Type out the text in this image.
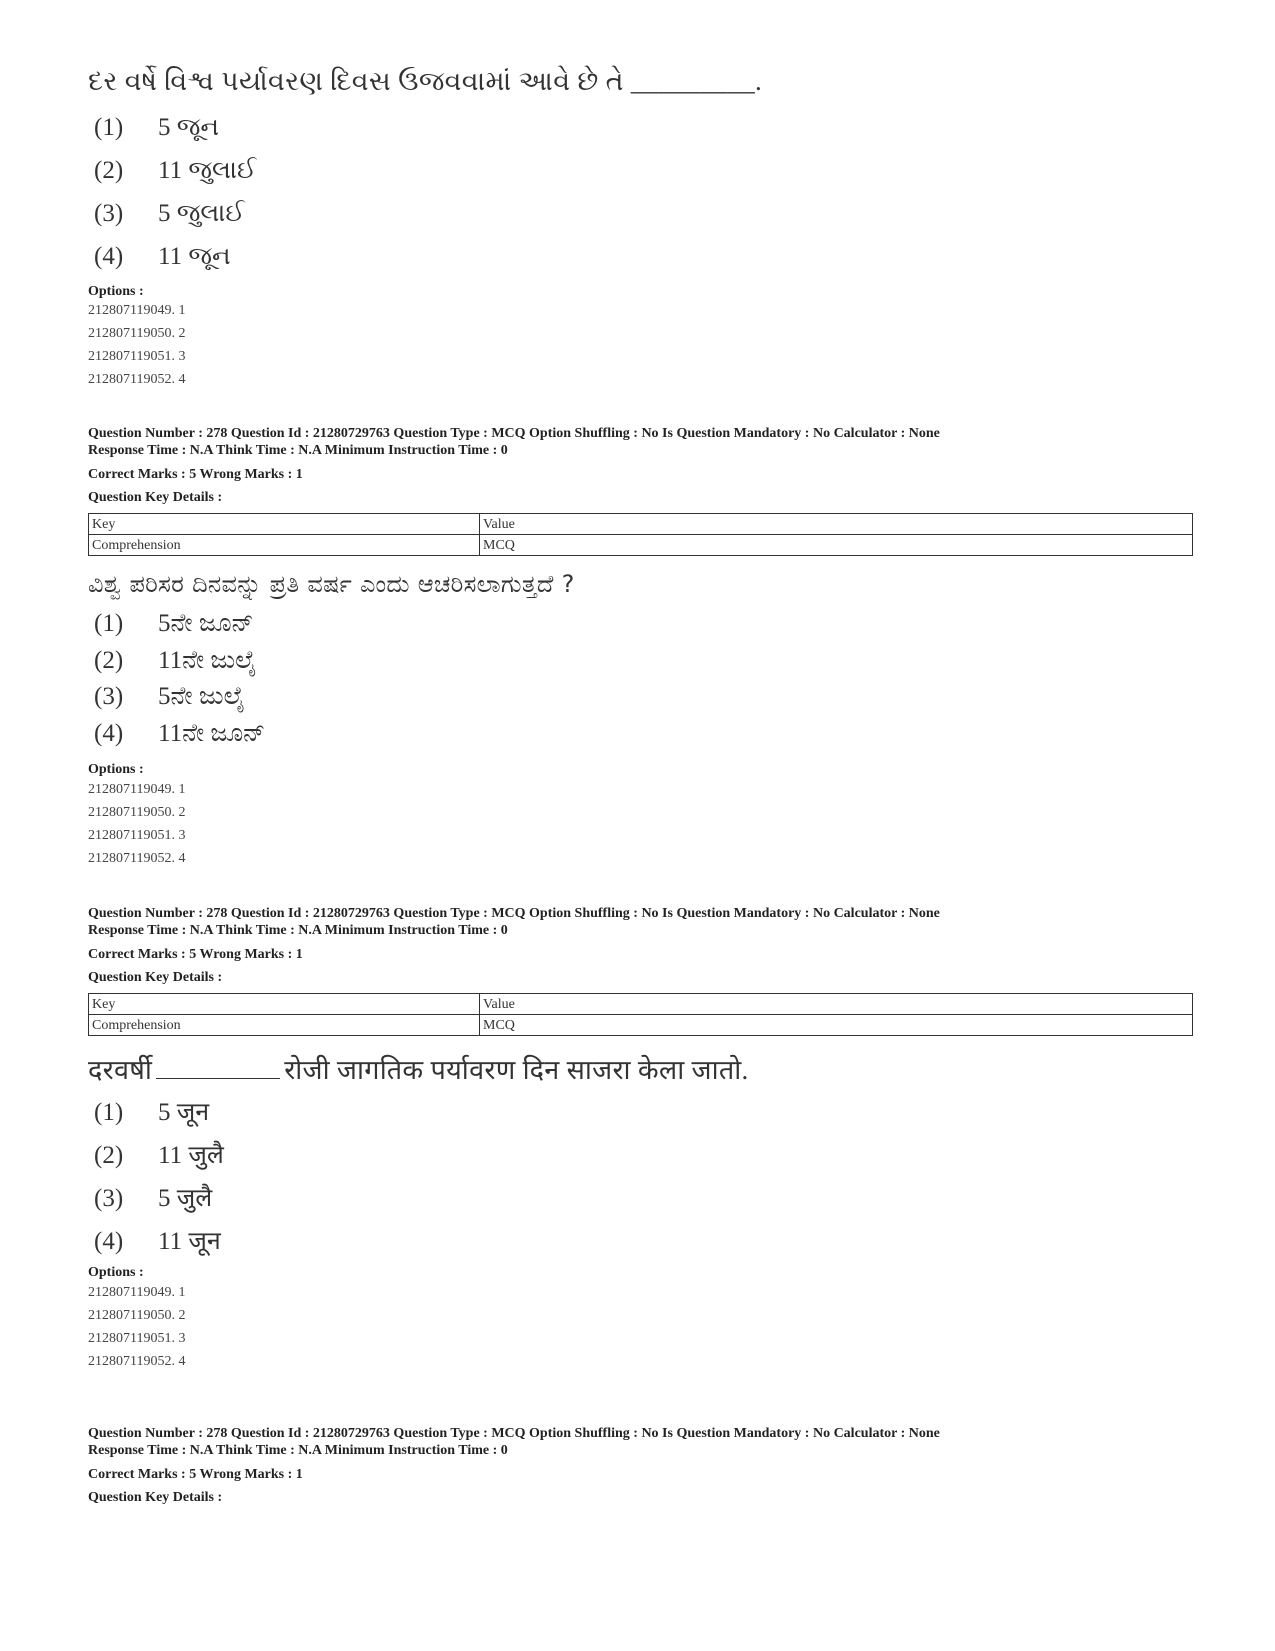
દર વર્ષે વિશ્વ પર્યાવરણ દિવસ ઉજવવામાં આવે છે તે _________.
(1) 5 જૂન
(2) 11 જુલાઈ
(3) 5 જુલાઈ
(4) 11 જૂન
Options :
212807119049. 1
212807119050. 2
212807119051. 3
212807119052. 4
Question Number : 278 Question Id : 21280729763 Question Type : MCQ Option Shuffling : No Is Question Mandatory : No Calculator : None
Response Time : N.A Think Time : N.A Minimum Instruction Time : 0
Correct Marks : 5 Wrong Marks : 1
Question Key Details :
Key	Value
Comprehension	MCQ
ವಿಶ್ವ ಪರಿಸರ ದಿನವನ್ನು ಪ್ರತಿ ವರ್ಷ ಎಂದು ಆಚರಿಸಲಾಗುತ್ತದೆ ?
(1) 5ನೇ ಜೂನ್
(2) 11ನೇ ಜುಲೈ
(3) 5ನೇ ಜುಲೈ
(4) 11ನೇ ಜೂನ್
Options :
212807119049. 1
212807119050. 2
212807119051. 3
212807119052. 4
Question Number : 278 Question Id : 21280729763 Question Type : MCQ Option Shuffling : No Is Question Mandatory : No Calculator : None
Response Time : N.A Think Time : N.A Minimum Instruction Time : 0
Correct Marks : 5 Wrong Marks : 1
Question Key Details :
Key	Value
Comprehension	MCQ
दरवर्षी	रोजी जागतिक पर्यावरण दिन साजरा केला जातो.
(1) 5 जून
(2) 11 जुलै
(3) 5 जुलै
(4) 11 जून
Options :
212807119049. 1
212807119050. 2
212807119051. 3
212807119052. 4
Question Number : 278 Question Id : 21280729763 Question Type : MCQ Option Shuffling : No Is Question Mandatory : No Calculator : None
Response Time : N.A Think Time : N.A Minimum Instruction Time : 0
Correct Marks : 5 Wrong Marks : 1
Question Key Details :
